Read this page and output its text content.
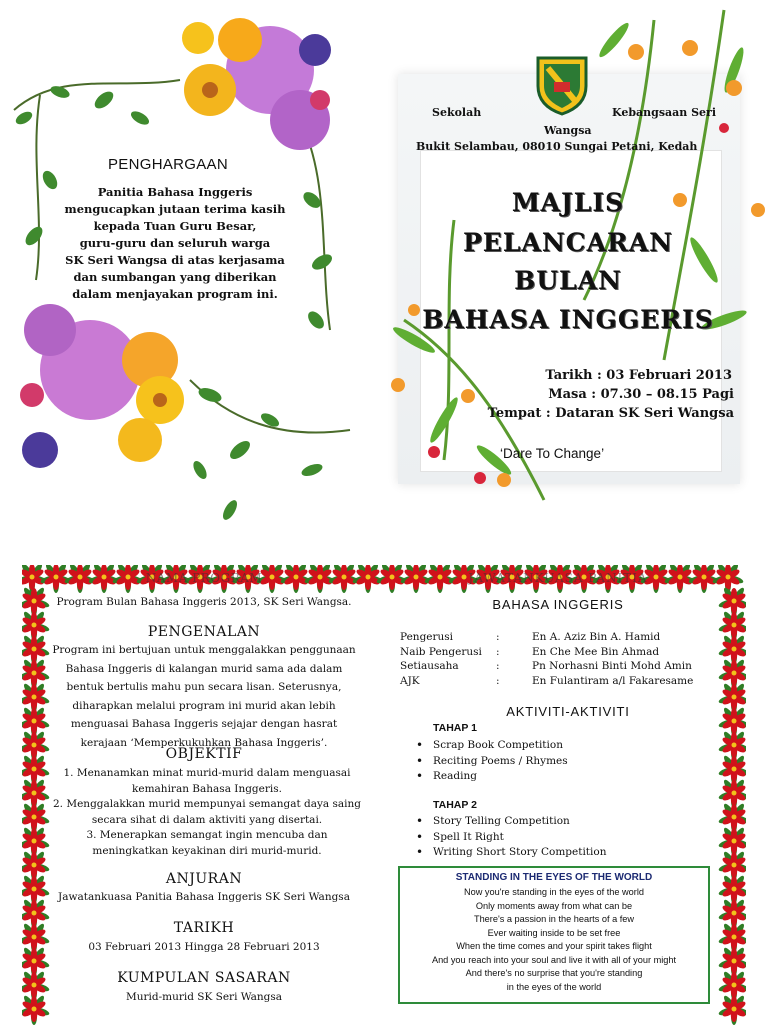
PENGHARGAAN
Panitia Bahasa Inggeris
mengucapkan jutaan terima kasih
kepada Tuan Guru Besar,
guru-guru dan seluruh warga
SK Seri Wangsa di atas kerjasama
dan sumbangan yang diberikan
dalam menjayakan program ini.
Sekolah	Kebangsaan Seri
Wangsa
Bukit Selambau, 08010 Sungai Petani, Kedah
MAJLIS
PELANCARAN
BULAN
BAHASA INGGERIS
Tarikh : 03 Februari 2013
Masa : 07.30 – 08.15 Pagi
Tempat : Dataran SK Seri Wangsa
‘Dare To Change’
NAMA PROGRAM
Program Bulan Bahasa Inggeris 2013, SK Seri Wangsa.
PENGENALAN
Program ini bertujuan untuk menggalakkan penggunaan
Bahasa Inggeris di kalangan murid sama ada dalam
bentuk bertulis mahu pun secara lisan. Seterusnya,
diharapkan melalui program ini murid akan lebih
menguasai Bahasa Inggeris sejajar dengan hasrat
kerajaan ‘Memperkukuhkan Bahasa Inggeris’.
OBJEKTIF
1. Menanamkan minat murid-murid dalam menguasai
kemahiran Bahasa Inggeris.
2. Menggalakkan murid mempunyai semangat daya saing
secara sihat di dalam aktiviti yang disertai.
3. Menerapkan semangat ingin mencuba dan
meningkatkan keyakinan diri murid-murid.
ANJURAN
Jawatankuasa Panitia Bahasa Inggeris SK Seri Wangsa
TARIKH
03 Februari 2013 Hingga 28 Februari 2013
KUMPULAN SASARAN
Murid-murid SK Seri Wangsa
JAWATANKUASA PANITIA
BAHASA INGGERIS
Pengerusi	:	En A. Aziz Bin A. Hamid
Naib Pengerusi	:	En Che Mee Bin Ahmad
Setiausaha	:	Pn Norhasni Binti Mohd Amin
AJK	:	En Fulantiram a/l Fakaresame
AKTIVITI-AKTIVITI
TAHAP 1
• Scrap Book Competition
• Reciting Poems / Rhymes
• Reading
TAHAP 2
• Story Telling Competition
• Spell It Right
• Writing Short Story Competition
STANDING IN THE EYES OF THE WORLD
Now you're standing in the eyes of the world
Only moments away from what can be
There's a passion in the hearts of a few
Ever waiting inside to be set free
When the time comes and your spirit takes flight
And you reach into your soul and live it with all of your might
And there's no surprise that you're standing
in the eyes of the world
